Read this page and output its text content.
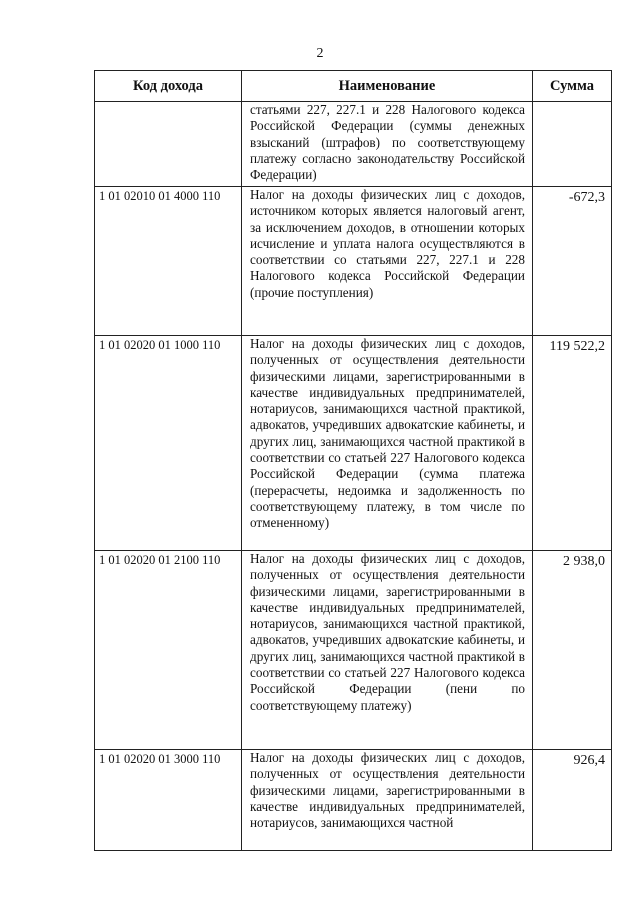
2
Код дохода	Наименование	Сумма
	статьями 227, 227.1 и 228 Налогового кодекса Российской Федерации (суммы денежных взысканий (штрафов) по соответствующему платежу согласно законодательству Российской Федерации)	
1 01 02010 01 4000 110	Налог на доходы физических лиц с доходов, источником которых является налоговый агент, за исключением доходов, в отношении которых исчисление и уплата налога осуществляются в соответствии со статьями 227, 227.1 и 228 Налогового кодекса Российской Федерации (прочие поступления)	-672,3
1 01 02020 01 1000 110	Налог на доходы физических лиц с доходов, полученных от осуществления деятельности физическими лицами, зарегистрированными в качестве индивидуальных предпринимателей, нотариусов, занимающихся частной практикой, адвокатов, учредивших адвокатские кабинеты, и других лиц, занимающихся частной практикой в соответствии со статьей 227 Налогового кодекса Российской Федерации (сумма платежа (перерасчеты, недоимка и задолженность по соответствующему платежу, в том числе по отмененному)	119 522,2
1 01 02020 01 2100 110	Налог на доходы физических лиц с доходов, полученных от осуществления деятельности физическими лицами, зарегистрированными в качестве индивидуальных предпринимателей, нотариусов, занимающихся частной практикой, адвокатов, учредивших адвокатские кабинеты, и других лиц, занимающихся частной практикой в соответствии со статьей 227 Налогового кодекса Российской Федерации (пени по соответствующему платежу)	2 938,0
1 01 02020 01 3000 110	Налог на доходы физических лиц с доходов, полученных от осуществления деятельности физическими лицами, зарегистрированными в качестве индивидуальных предпринимателей, нотариусов, занимающихся частной	926,4
